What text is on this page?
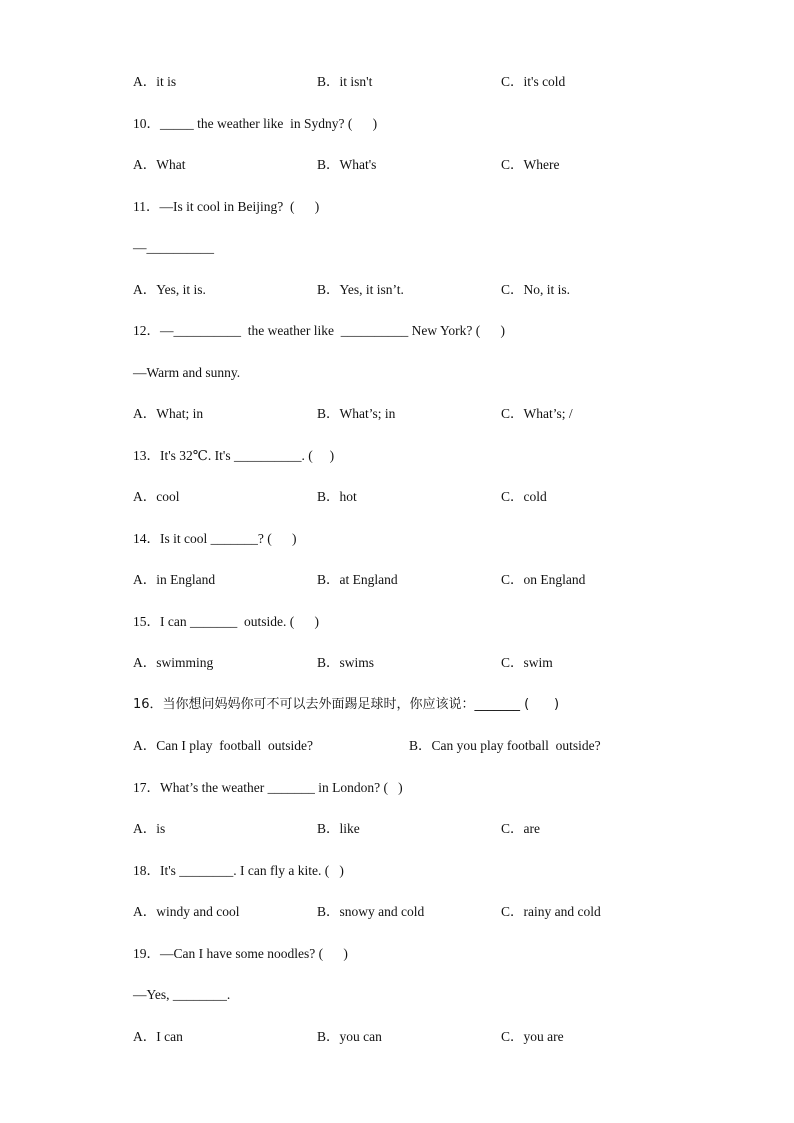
A．it is	B．it isn't	C．it's cold
10．_____ the weather like  in Sydny? (      )
A．What	B．What's	C．Where
11．—Is it cool in Beijing?  (      )
—__________
A．Yes, it is.	B．Yes, it isn’t.	C．No, it is.
12．—__________  the weather like  __________ New York? (      )
—Warm and sunny.
A．What; in	B．What’s; in	C．What’s; /
13．It's 32℃. It's __________. (     )
A．cool	B．hot	C．cold
14．Is it cool _______? (      )
A．in England	B．at England	C．on England
15．I can _______  outside. (      )
A．swimming	B．swims	C．swim
16．当你想问妈妈你可不可以去外面踢足球时，你应该说：_______ (      )
A．Can I play  football  outside?	B．Can you play football  outside?
17．What’s the weather _______ in London? (   )
A．is	B．like	C．are
18．It's ________. I can fly a kite. (   )
A．windy and cool	B．snowy and cold	C．rainy and cold
19．—Can I have some noodles? (      )
—Yes, ________.
A．I can	B．you can	C．you are
